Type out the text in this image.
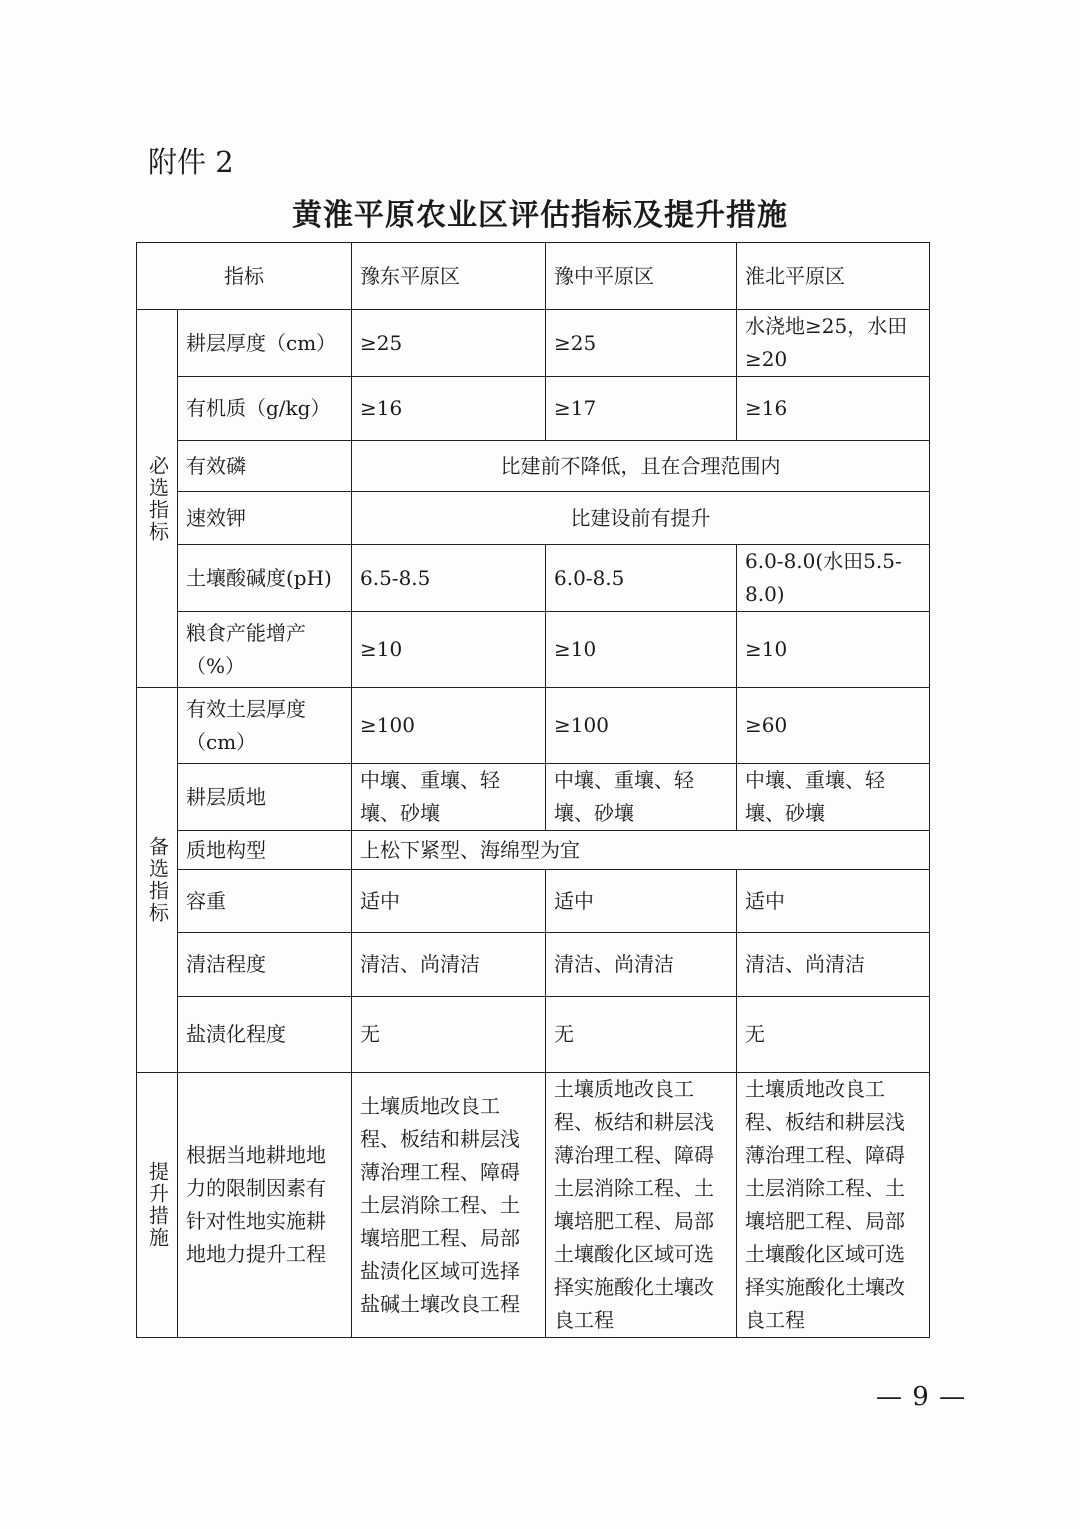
附件 2
黄淮平原农业区评估指标及提升措施
指标		豫东平原区	豫中平原区	淮北平原区
必选指标	耕层厚度（cm）	≥25	≥25	水浇地≥25，水田≥20
	有机质（g/kg）	≥16	≥17	≥16
	有效磷	比建前不降低，且在合理范围内		
	速效钾	比建设前有提升		
	土壤酸碱度(pH)	6.5-8.5	6.0-8.5	6.0-8.0(水田5.5-8.0)
	粮食产能增产（%）	≥10	≥10	≥10
备选指标	有效土层厚度（cm）	≥100	≥100	≥60
	耕层质地	中壤、重壤、轻壤、砂壤	中壤、重壤、轻壤、砂壤	中壤、重壤、轻壤、砂壤
	质地构型	上松下紧型、海绵型为宜		
	容重	适中	适中	适中
	清洁程度	清洁、尚清洁	清洁、尚清洁	清洁、尚清洁
	盐渍化程度	无	无	无
提升措施	根据当地耕地地力的限制因素有针对性地实施耕地地力提升工程	土壤质地改良工程、板结和耕层浅薄治理工程、障碍土层消除工程、土壤培肥工程、局部盐渍化区域可选择盐碱土壤改良工程	土壤质地改良工程、板结和耕层浅薄治理工程、障碍土层消除工程、土壤培肥工程、局部土壤酸化区域可选择实施酸化土壤改良工程	土壤质地改良工程、板结和耕层浅薄治理工程、障碍土层消除工程、土壤培肥工程、局部土壤酸化区域可选择实施酸化土壤改良工程
— 9 —
